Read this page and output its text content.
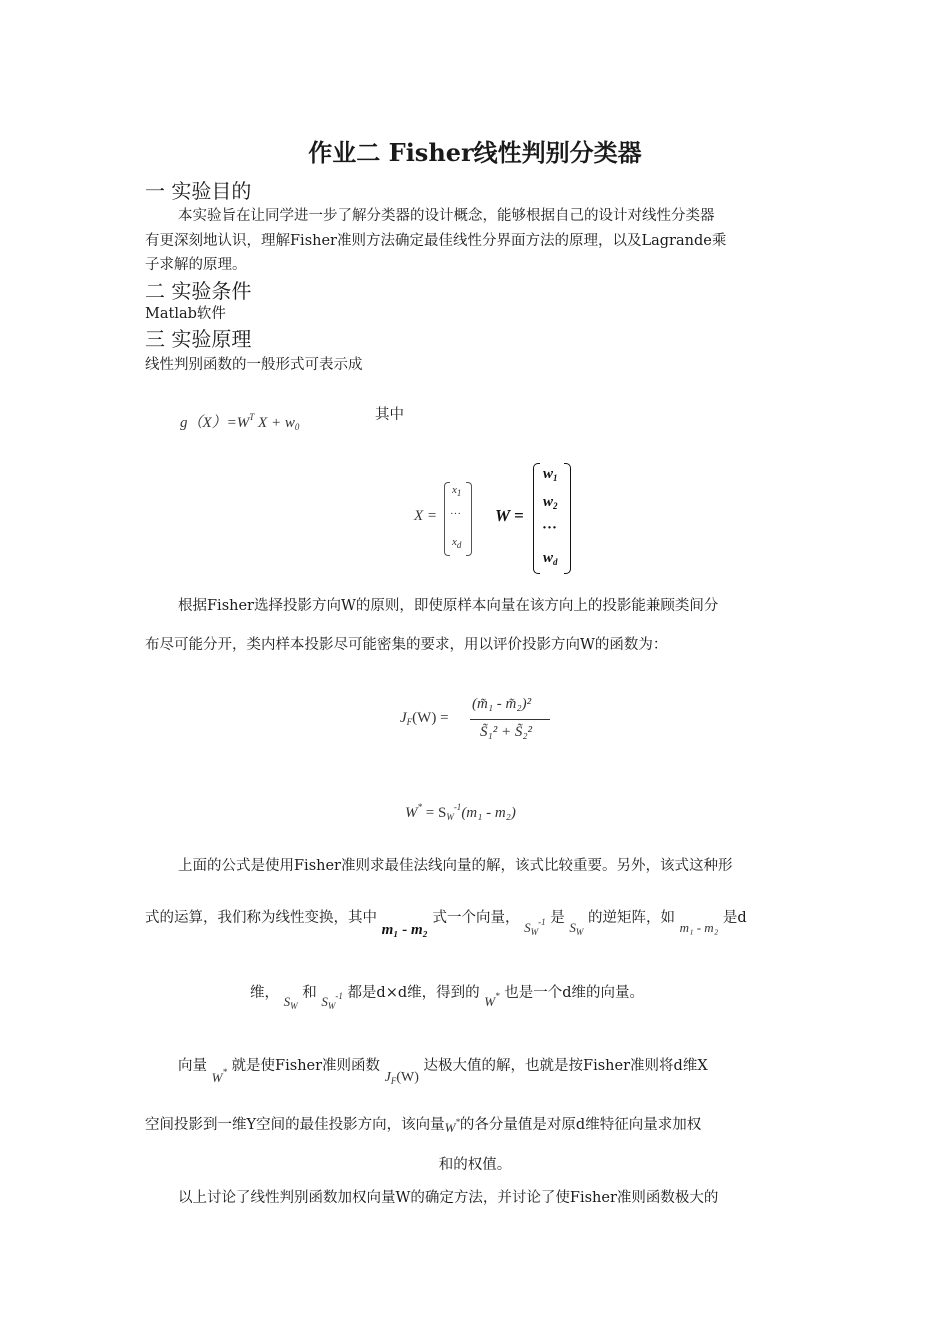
作业二 Fisher线性判别分类器
一 实验目的
本实验旨在让同学进一步了解分类器的设计概念，能够根据自己的设计对线性分类器
有更深刻地认识，理解Fisher准则方法确定最佳线性分界面方法的原理，以及Lagrande乘
子求解的原理。
二 实验条件
Matlab软件
三 实验原理
线性判别函数的一般形式可表示成
$g(X)=W^T$ $X + w_0$
其中
X =
$x_1$
···
$x_d$
W =
$w_1$
$w_2$
···
$w_d$
根据Fisher选择投影方向W的原则，即使原样本向量在该方向上的投影能兼顾类间分
布尽可能分开，类内样本投影尽可能密集的要求，用以评价投影方向W的函数为：
$J_F(W)$ =
(m̃₁ - m̃₂)²
S̃₁² + S̃₂²
$W^* = S_W^{-1}(m_1 - m_2)$
上面的公式是使用Fisher准则求最佳法线向量的解，该式比较重要。另外，该式这种形
式的运算，我们称为线性变换，其中 m₁ - m₂ 式一个向量， $S_W^{-1}$ 是 $S_W$ 的逆矩阵，如 m₁ - m₂ 是d
维， $S_W$ 和 $S_W^{-1}$ 都是d×d维，得到的 W* 也是一个d维的向量。
向量 W* 就是使Fisher准则函数 $J_F(W)$ 达极大值的解，也就是按Fisher准则将d维X
空间投影到一维Y空间的最佳投影方向，该向量W*的各分量值是对原d维特征向量求加权
和的权值。
以上讨论了线性判别函数加权向量W的确定方法，并讨论了使Fisher准则函数极大的
